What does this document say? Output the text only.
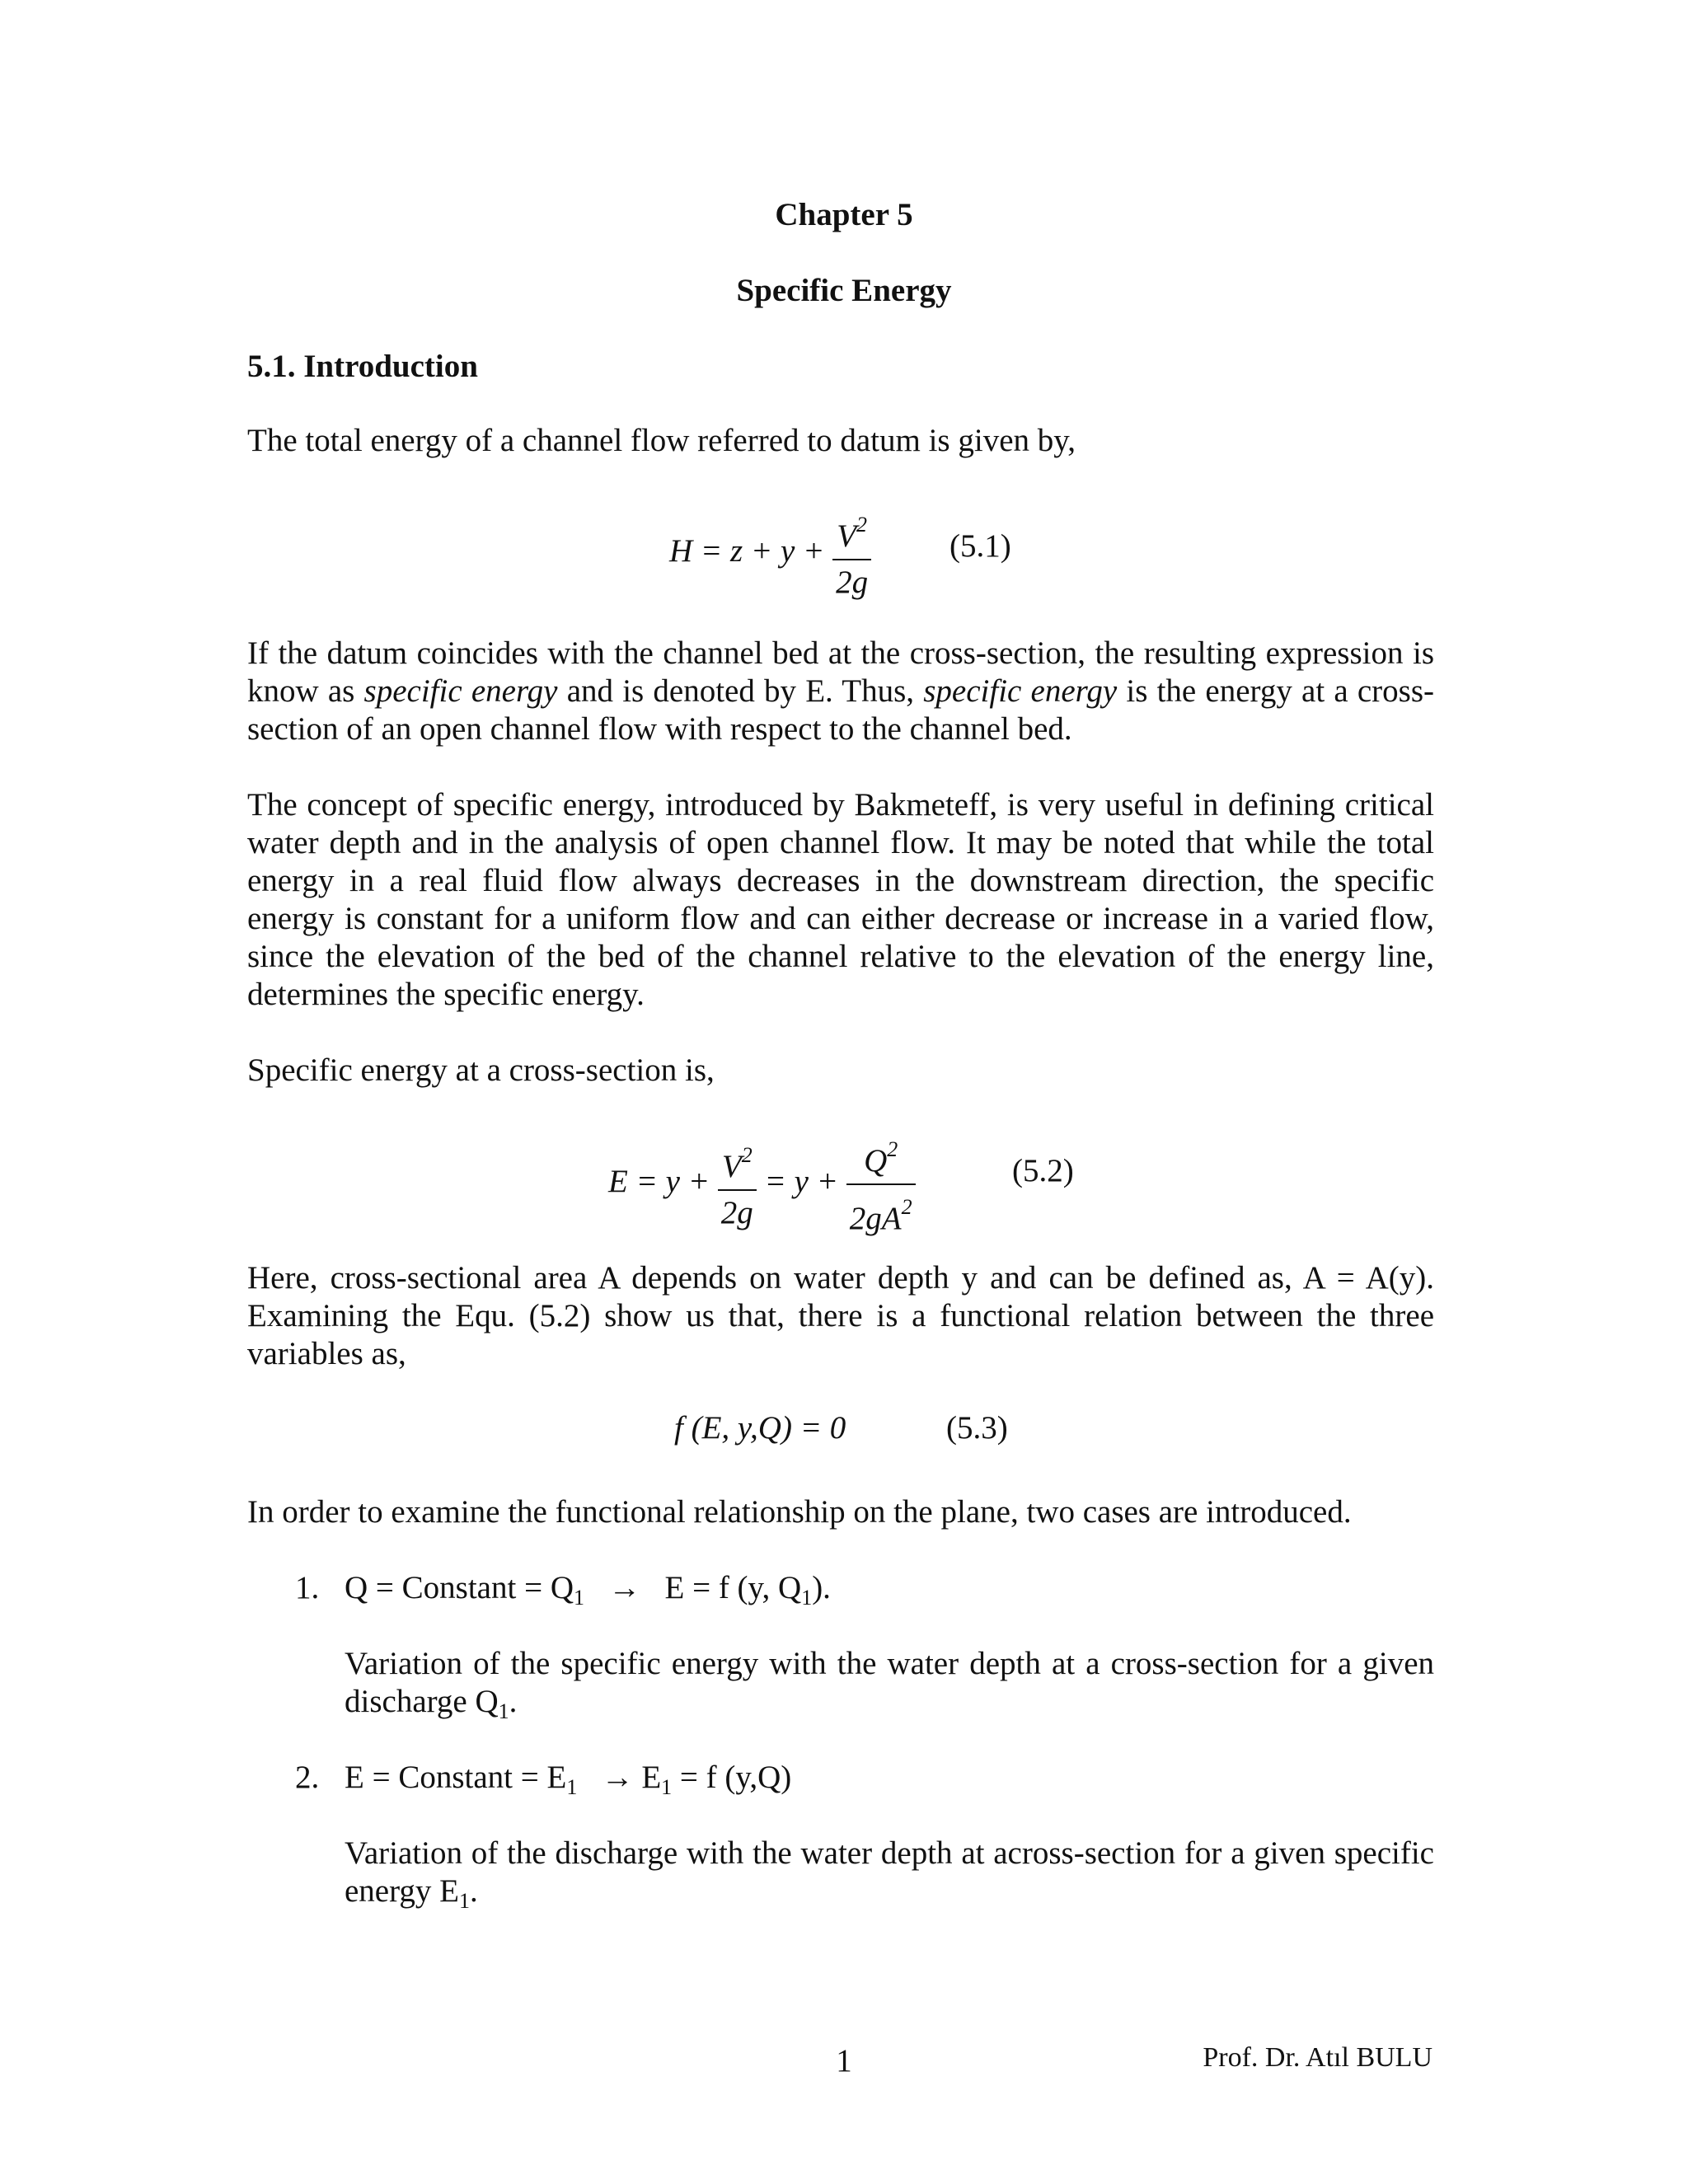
Chapter 5
Specific Energy
5.1. Introduction
The total energy of a channel flow referred to datum is given by,
$H = z + y + \frac{V^2}{2g} (5.1)$
If the datum coincides with the channel bed at the cross-section, the resulting expression is know as specific energy and is denoted by E. Thus, specific energy is the energy at a cross-section of an open channel flow with respect to the channel bed.
The concept of specific energy, introduced by Bakmeteff, is very useful in defining critical water depth and in the analysis of open channel flow. It may be noted that while the total energy in a real fluid flow always decreases in the downstream direction, the specific energy is constant for a uniform flow and can either decrease or increase in a varied flow, since the elevation of the bed of the channel relative to the elevation of the energy line, determines the specific energy.
Specific energy at a cross-section is,
$E = y + \frac{V^2}{2g} = y + \frac{Q^2}{2gA^2}$	(5.2)
Here, cross-sectional area A depends on water depth y and can be defined as, A = A(y). Examining the Equ. (5.2) show us that, there is a functional relation between the three variables as,
f (E, y,Q) = 0	(5.3)
In order to examine the functional relationship on the plane, two cases are introduced.
1. Q = Constant = $Q_1 \to E = f$ (y, $Q_1$).
Variation of the specific energy with the water depth at a cross-section for a given discharge $Q_1$.
2. E = Constant = $E_1 \to E_1 = f$ (y,Q)
Variation of the discharge with the water depth at across-section for a given specific energy $E_1$.
1	Prof. Dr. Atıl BULU
